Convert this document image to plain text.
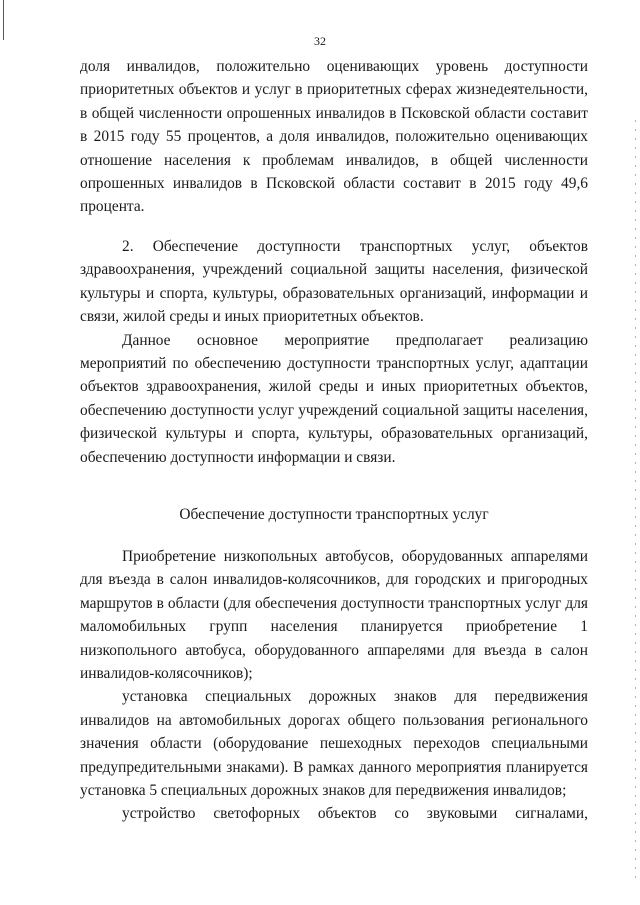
32

доля инвалидов, положительно оценивающих уровень доступности приоритетных объектов и услуг в приоритетных сферах жизнедеятельности, в общей численности опрошенных инвалидов в Псковской области составит в 2015 году 55 процентов, а доля инвалидов, положительно оценивающих отношение населения к проблемам инвалидов, в общей численности опрошенных инвалидов в Псковской области составит в 2015 году 49,6 процента.

2. Обеспечение доступности транспортных услуг, объектов здравоохранения, учреждений социальной защиты населения, физической культуры и спорта, культуры, образовательных организаций, информации и связи, жилой среды и иных приоритетных объектов.

Данное основное мероприятие предполагает реализацию мероприятий по обеспечению доступности транспортных услуг, адаптации объектов здравоохранения, жилой среды и иных приоритетных объектов, обеспечению доступности услуг учреждений социальной защиты населения, физической культуры и спорта, культуры, образовательных организаций, обеспечению доступности информации и связи.

Обеспечение доступности транспортных услуг

Приобретение низкопольных автобусов, оборудованных аппарелями для въезда в салон инвалидов-колясочников, для городских и пригородных маршрутов в области (для обеспечения доступности транспортных услуг для маломобильных групп населения планируется приобретение 1 низкопольного автобуса, оборудованного аппарелями для въезда в салон инвалидов-колясочников);

установка специальных дорожных знаков для передвижения инвалидов на автомобильных дорогах общего пользования регионального значения области (оборудование пешеходных переходов специальными предупредительными знаками). В рамках данного мероприятия планируется установка 5 специальных дорожных знаков для передвижения инвалидов;

устройство светофорных объектов со звуковыми сигналами,
